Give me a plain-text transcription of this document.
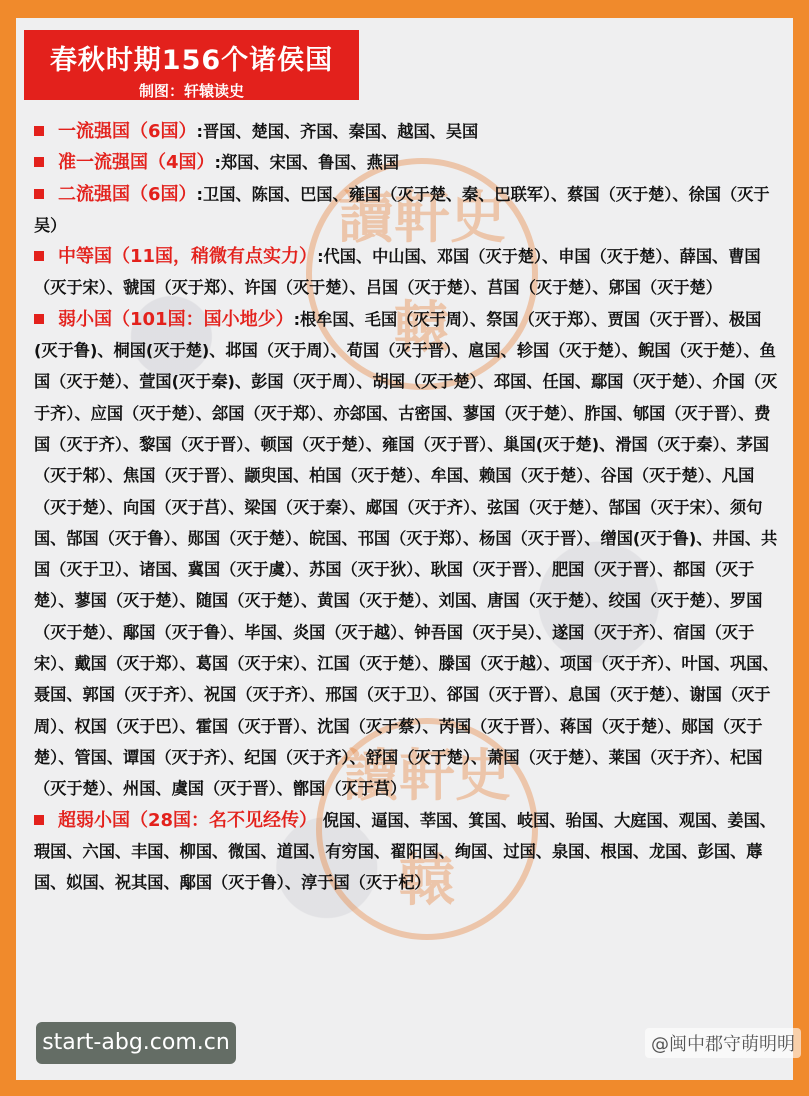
讀 軒 史
轅
讀 軒 史
轅
春秋时期156个诸侯国
制图：轩辕读史

一流强国（6国）:晋国、楚国、齐国、秦国、越国、吴国

准一流强国（4国）:郑国、宋国、鲁国、燕国

二流强国（6国）:卫国、陈国、巴国、雍国（灭于楚、秦、巴联军）、蔡国（灭于楚）、徐国（灭于吴）

中等国（11国，稍微有点实力）:代国、中山国、邓国（灭于楚）、申国（灭于楚）、薛国、曹国（灭于宋）、虢国（灭于郑）、许国（灭于楚）、吕国（灭于楚）、莒国（灭于楚）、郳国（灭于楚）

弱小国（101国：国小地少）:根牟国、毛国（灭于周）、祭国（灭于郑）、贾国（灭于晋）、极国(灭于鲁)、桐国(灭于楚)、邶国（灭于周）、荀国（灭于晋）、扈国、轸国（灭于楚）、鲵国（灭于楚）、鱼国（灭于楚）、萱国(灭于秦)、彭国（灭于周）、胡国（灭于楚）、邳国、任国、鄢国（灭于楚）、介国（灭于齐）、应国（灭于楚）、郐国（灭于郑）、亦郐国、古密国、蓼国（灭于楚）、胙国、郇国（灭于晋）、费国（灭于齐）、黎国（灭于晋）、顿国（灭于楚）、雍国（灭于晋）、巢国(灭于楚)、滑国（灭于秦）、茅国（灭于邾）、焦国（灭于晋）、颛臾国、柏国（灭于楚）、牟国、赖国（灭于楚）、谷国（灭于楚）、凡国（灭于楚）、向国（灭于莒）、梁国（灭于秦）、郕国（灭于齐）、弦国（灭于楚）、郜国（灭于宋）、须句国、郜国（灭于鲁）、郧国（灭于楚）、皖国、邗国（灭于郑）、杨国（灭于晋）、缯国(灭于鲁)、井国、共国（灭于卫）、诸国、冀国（灭于虞）、苏国（灭于狄）、耿国（灭于晋）、肥国（灭于晋）、都国（灭于楚）、蓼国（灭于楚）、随国（灭于楚）、黄国（灭于楚）、刘国、唐国（灭于楚）、绞国（灭于楚）、罗国（灭于楚）、鄅国（灭于鲁）、毕国、炎国（灭于越）、钟吾国（灭于吴）、遂国（灭于齐）、宿国（灭于宋）、戴国（灭于郑）、葛国（灭于宋）、江国（灭于楚）、滕国（灭于越）、项国（灭于齐）、叶国、巩国、聂国、郭国（灭于齐）、祝国（灭于齐）、邢国（灭于卫）、郤国（灭于晋）、息国（灭于楚）、谢国（灭于周）、权国（灭于巴）、霍国（灭于晋）、沈国（灭于蔡）、芮国（灭于晋）、蒋国（灭于楚）、郧国（灭于楚）、管国、谭国（灭于齐）、纪国（灭于齐）、舒国（灭于楚）、萧国（灭于楚）、莱国（灭于齐）、杞国（灭于楚）、州国、虞国（灭于晋）、鄫国（灭于莒）

超弱小国（28国：名不见经传） 倪国、逼国、莘国、箕国、岐国、骀国、大庭国、观国、姜国、瑕国、六国、丰国、柳国、微国、道国、有穷国、翟阳国、绚国、过国、泉国、根国、龙国、彭国、蓐国、姒国、祝其国、鄅国（灭于鲁）、淳于国（灭于杞）

start-abg.com.cn	@闽中郡守萌明明
